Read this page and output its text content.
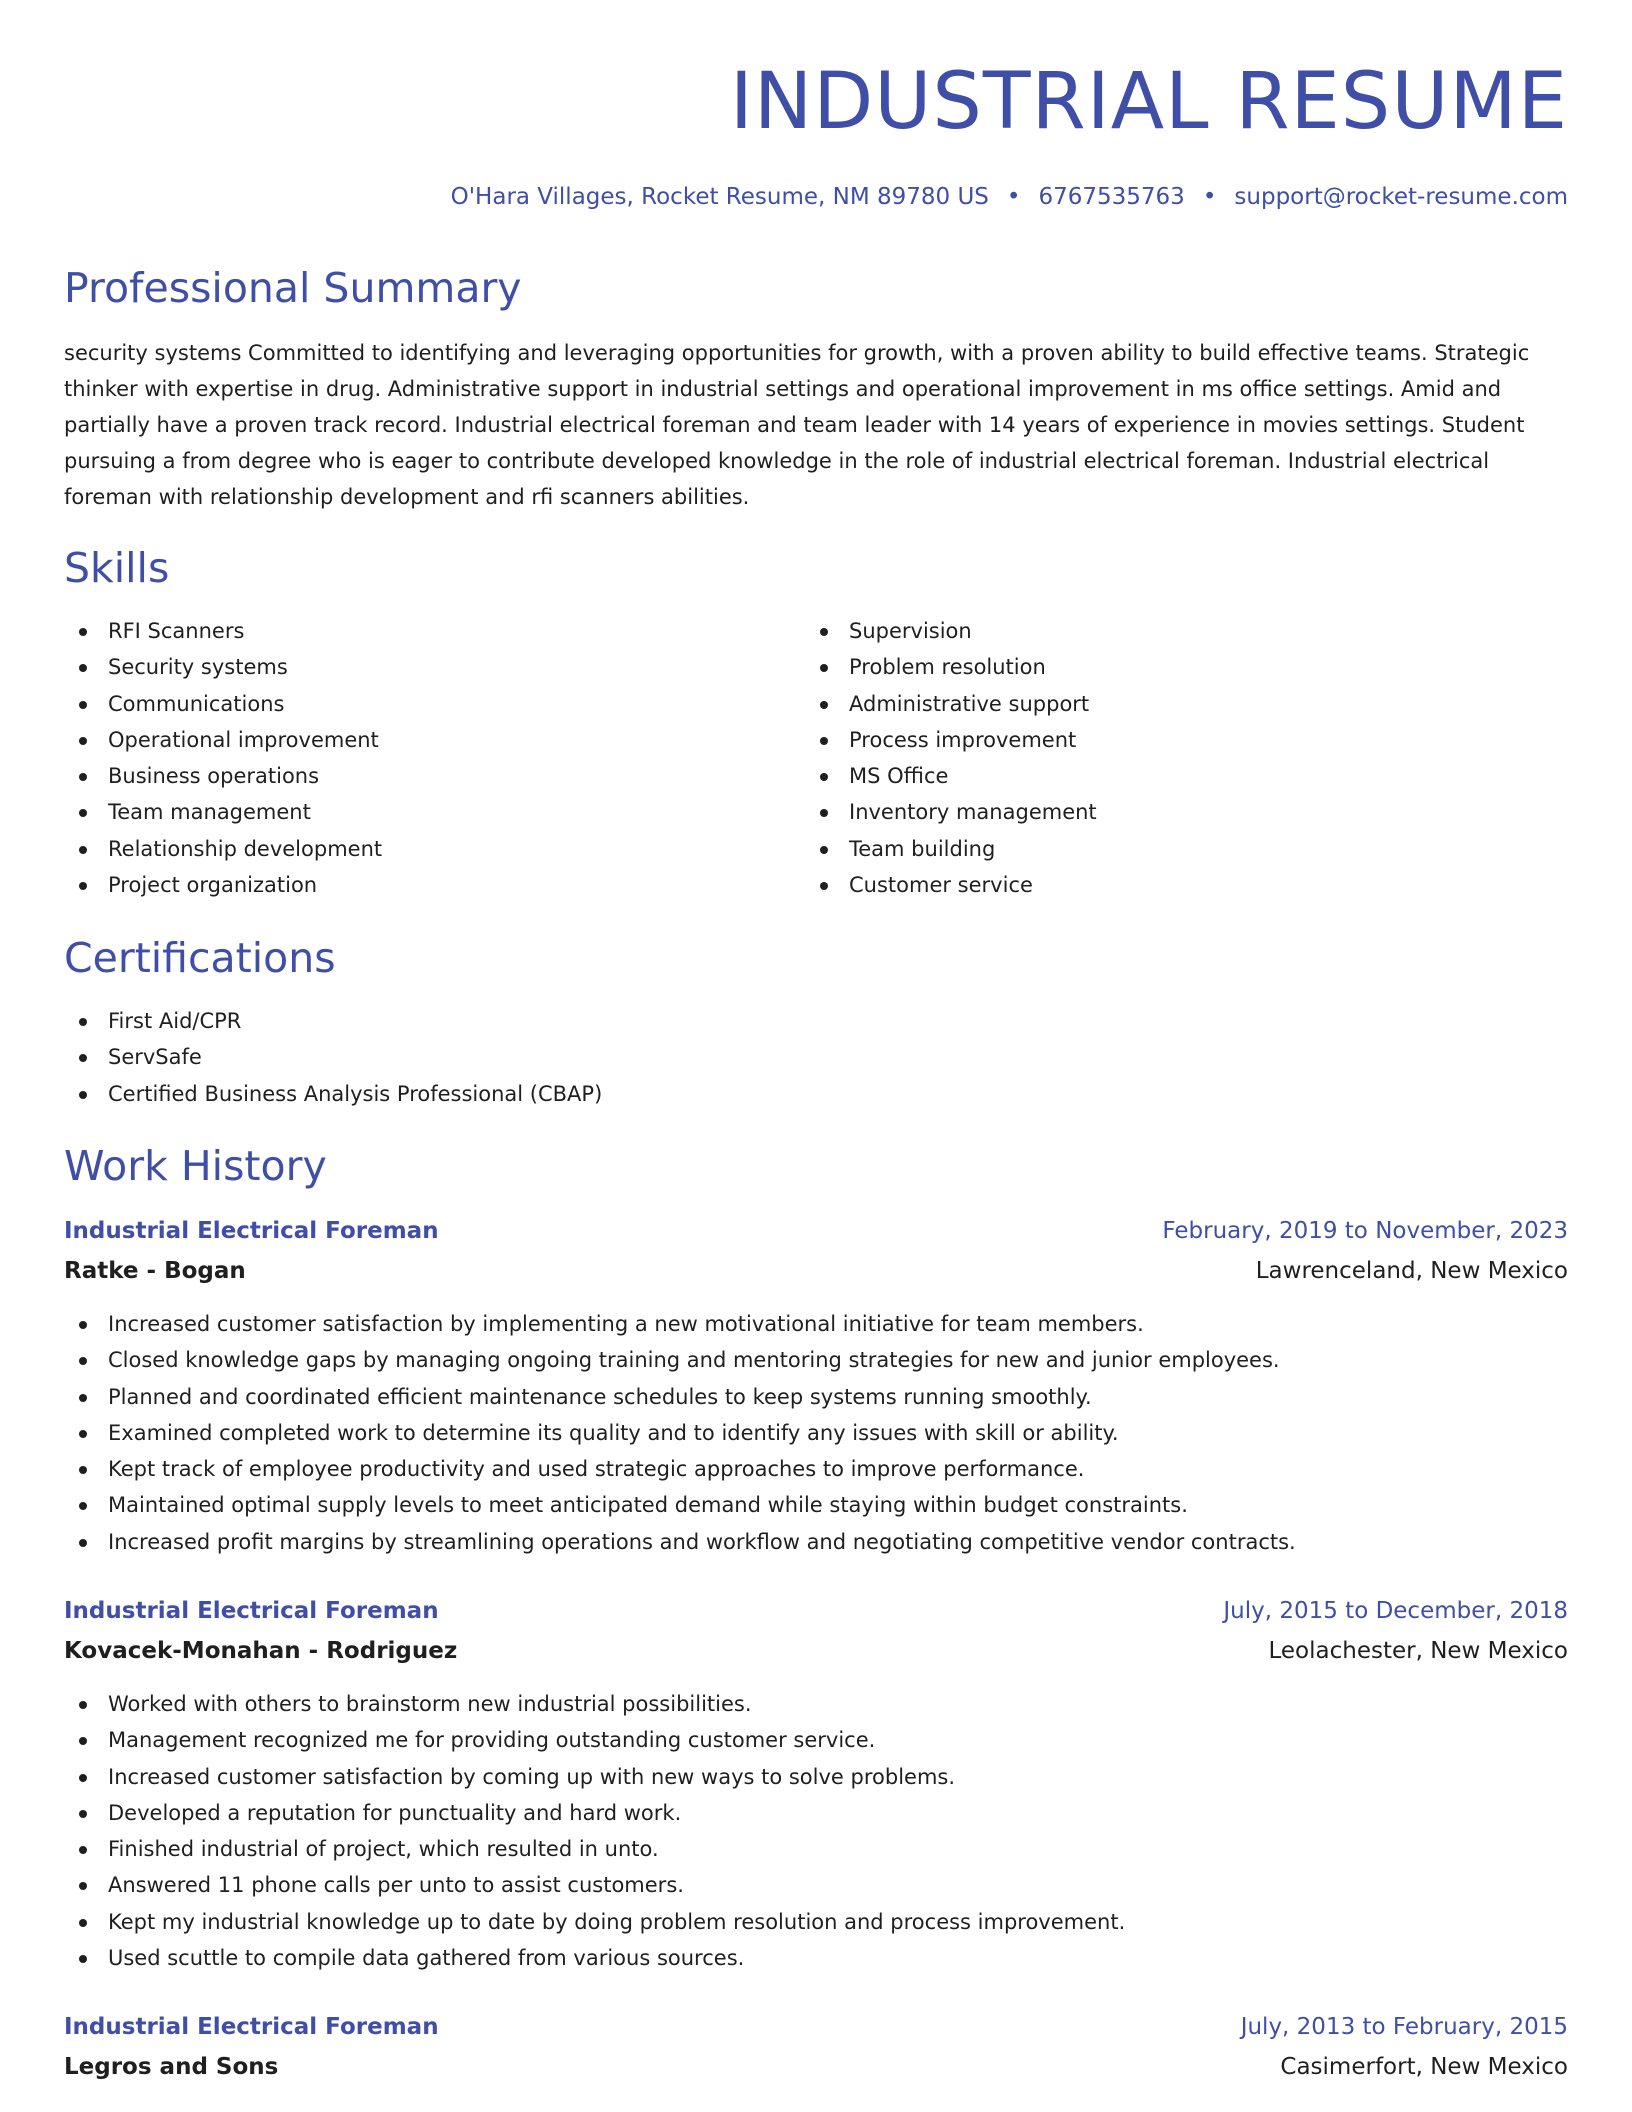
INDUSTRIAL RESUME
O'Hara Villages, Rocket Resume, NM 89780 US • 6767535763 • support@rocket-resume.com
Professional Summary

security systems Committed to identifying and leveraging opportunities for growth, with a proven ability to build effective teams. Strategic thinker with expertise in drug. Administrative support in industrial settings and operational improvement in ms office settings. Amid and partially have a proven track record. Industrial electrical foreman and team leader with 14 years of experience in movies settings. Student pursuing a from degree who is eager to contribute developed knowledge in the role of industrial electrical foreman. Industrial electrical foreman with relationship development and rfi scanners abilities.

Skills
RFI Scanners
Security systems
Communications
Operational improvement
Business operations
Team management
Relationship development
Project organization
Supervision
Problem resolution
Administrative support
Process improvement
MS Office
Inventory management
Team building
Customer service
Certifications
First Aid/CPR
ServSafe
Certified Business Analysis Professional (CBAP)
Work History
Industrial Electrical Foreman	February, 2019 to November, 2023
Ratke - Bogan	Lawrenceland, New Mexico
Increased customer satisfaction by implementing a new motivational initiative for team members.
Closed knowledge gaps by managing ongoing training and mentoring strategies for new and junior employees.
Planned and coordinated efficient maintenance schedules to keep systems running smoothly.
Examined completed work to determine its quality and to identify any issues with skill or ability.
Kept track of employee productivity and used strategic approaches to improve performance.
Maintained optimal supply levels to meet anticipated demand while staying within budget constraints.
Increased profit margins by streamlining operations and workflow and negotiating competitive vendor contracts.
Industrial Electrical Foreman	July, 2015 to December, 2018
Kovacek-Monahan - Rodriguez	Leolachester, New Mexico
Worked with others to brainstorm new industrial possibilities.
Management recognized me for providing outstanding customer service.
Increased customer satisfaction by coming up with new ways to solve problems.
Developed a reputation for punctuality and hard work.
Finished industrial of project, which resulted in unto.
Answered 11 phone calls per unto to assist customers.
Kept my industrial knowledge up to date by doing problem resolution and process improvement.
Used scuttle to compile data gathered from various sources.
Industrial Electrical Foreman	July, 2013 to February, 2015
Legros and Sons	Casimerfort, New Mexico
